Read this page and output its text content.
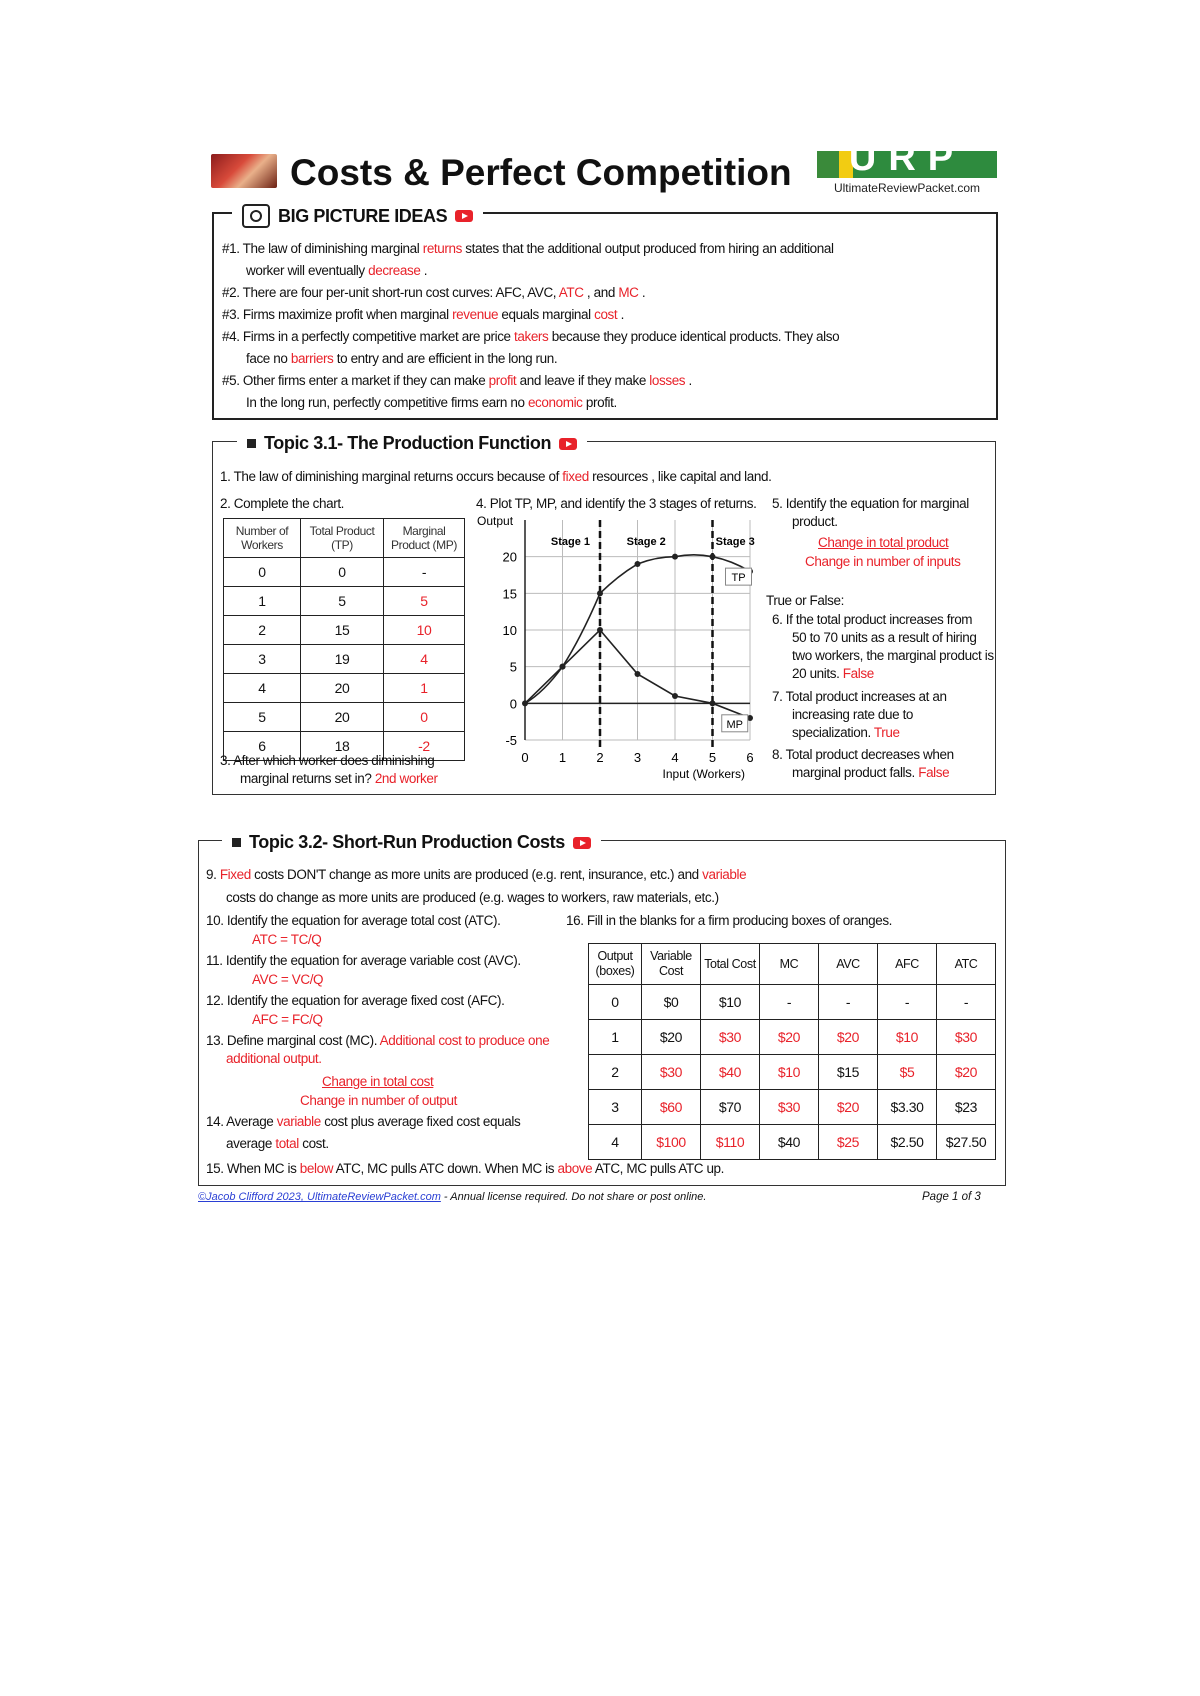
Costs & Perfect Competition	URP
UltimateReviewPacket.com
BIG PICTURE IDEAS
#1. The law of diminishing marginal returns states that the additional output produced from hiring an additional
worker will eventually decrease .
#2. There are four per-unit short-run cost curves: AFC, AVC, ATC , and MC .
#3. Firms maximize profit when marginal revenue equals marginal cost .
#4. Firms in a perfectly competitive market are price takers because they produce identical products. They also
face no barriers to entry and are efficient in the long run.
#5. Other firms enter a market if they can make profit and leave if they make losses .
In the long run, perfectly competitive firms earn no economic profit.
Topic 3.1- The Production Function
1. The law of diminishing marginal returns occurs because of fixed resources , like capital and land.
2. Complete the chart.
Number of Workers	Total Product (TP)	Marginal Product (MP)
0	0	-
1	5	5
2	15	10
3	19	4
4	20	1
5	20	0
6	18	-2
3. After which worker does diminishing
marginal returns set in? 2nd worker
4. Plot TP, MP, and identify the 3 stages of returns.
-5
0
5
10
15
20
0 1 2 3 4 5 6
Output
Input (Workers)
Stage 1	Stage 2	Stage 3
TP
MP
5. Identify the equation for marginal
product.
Change in total product
Change in number of inputs
True or False:
6. If the total product increases from
50 to 70 units as a result of hiring
two workers, the marginal product is
20 units. False
7. Total product increases at an
increasing rate due to
specialization. True
8. Total product decreases when
marginal product falls. False
Topic 3.2- Short-Run Production Costs
9. Fixed costs DON'T change as more units are produced (e.g. rent, insurance, etc.) and variable
costs do change as more units are produced (e.g. wages to workers, raw materials, etc.)
10. Identify the equation for average total cost (ATC).
ATC = TC/Q
11. Identify the equation for average variable cost (AVC).
AVC = VC/Q
12. Identify the equation for average fixed cost (AFC).
AFC = FC/Q
13. Define marginal cost (MC). Additional cost to produce one
additional output.
Change in total cost
Change in number of output
14. Average variable cost plus average fixed cost equals
average total cost.
15. When MC is below ATC, MC pulls ATC down. When MC is above ATC, MC pulls ATC up.
16. Fill in the blanks for a firm producing boxes of oranges.
Output (boxes)	Variable Cost	Total Cost	MC	AVC	AFC	ATC
0	$0	$10	-	-	-	-
1	$20	$30	$20	$20	$10	$30
2	$30	$40	$10	$15	$5	$20
3	$60	$70	$30	$20	$3.30	$23
4	$100	$110	$40	$25	$2.50	$27.50
©Jacob Clifford 2023, UltimateReviewPacket.com - Annual license required. Do not share or post online.	Page 1 of 3
